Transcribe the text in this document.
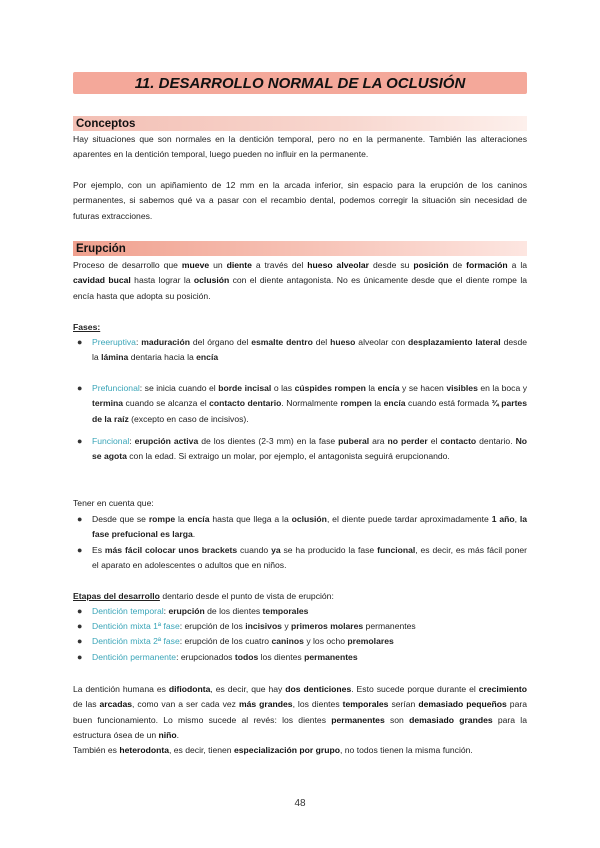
11. DESARROLLO NORMAL DE LA OCLUSIÓN
Conceptos
Hay situaciones que son normales en la dentición temporal, pero no en la permanente. También las alteraciones aparentes en la dentición temporal, luego pueden no influir en la permanente.
Por ejemplo, con un apiñamiento de 12 mm en la arcada inferior, sin espacio para la erupción de los caninos permanentes, si sabemos qué va a pasar con el recambio dental, podemos corregir la situación sin necesidad de futuras extracciones.
Erupción
Proceso de desarrollo que mueve un diente a través del hueso alveolar desde su posición de formación a la cavidad bucal hasta lograr la oclusión con el diente antagonista. No es únicamente desde que el diente rompe la encía hasta que adopta su posición.
Fases:
● Preeruptiva: maduración del órgano del esmalte dentro del hueso alveolar con desplazamiento lateral desde la lámina dentaria hacia la encía
● Prefuncional: se inicia cuando el borde incisal o las cúspides rompen la encía y se hacen visibles en la boca y termina cuando se alcanza el contacto dentario. Normalmente rompen la encía cuando está formada ¾ partes de la raíz (excepto en caso de incisivos).
● Funcional: erupción activa de los dientes (2-3 mm) en la fase puberal ara no perder el contacto dentario. No se agota con la edad. Si extraigo un molar, por ejemplo, el antagonista seguirá erupcionando.
Tener en cuenta que:
● Desde que se rompe la encía hasta que llega a la oclusión, el diente puede tardar aproximadamente 1 año, la fase prefucional es larga.
● Es más fácil colocar unos brackets cuando ya se ha producido la fase funcional, es decir, es más fácil poner el aparato en adolescentes o adultos que en niños.
Etapas del desarrollo dentario desde el punto de vista de erupción:
● Dentición temporal: erupción de los dientes temporales
● Dentición mixta 1ª fase: erupción de los incisivos y primeros molares permanentes
● Dentición mixta 2ª fase: erupción de los cuatro caninos y los ocho premolares
● Dentición permanente: erupcionados todos los dientes permanentes
La dentición humana es difiodonta, es decir, que hay dos denticiones. Esto sucede porque durante el crecimiento de las arcadas, como van a ser cada vez más grandes, los dientes temporales serían demasiado pequeños para buen funcionamiento. Lo mismo sucede al revés: los dientes permanentes son demasiado grandes para la estructura ósea de un niño.
También es heterodonta, es decir, tienen especialización por grupo, no todos tienen la misma función.
48
